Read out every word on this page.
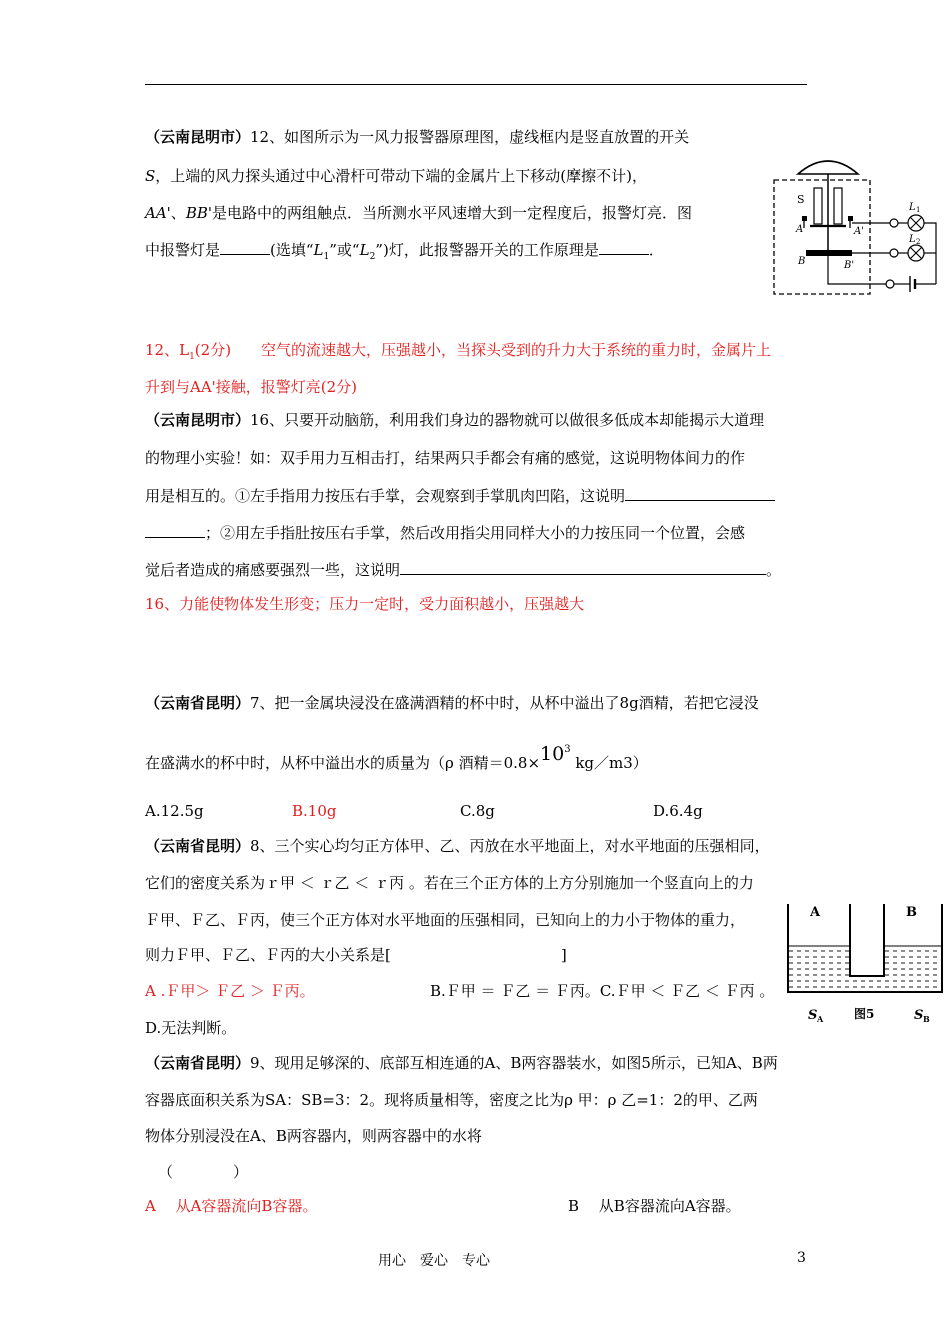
（云南昆明市）12、如图所示为一风力报警器原理图，虚线框内是竖直放置的开关
S，上端的风力探头通过中心滑杆可带动下端的金属片上下移动(摩擦不计)，
AA'、BB'是电路中的两组触点．当所测水平风速增大到一定程度后，报警灯亮．图
中报警灯是	(选填“$L_1$”或“$L_2$”)灯，此报警器开关的工作原理是	．
S
A	A'
B	B'
L 1
L 2
12、$L_1(2$分)　　空气的流速越大，压强越小，当探头受到的升力大于系统的重力时，金属片上
升到与AA'接触，报警灯亮(2分)
（云南昆明市）16、只要开动脑筋，利用我们身边的器物就可以做很多低成本却能揭示大道理
的物理小实验！如：双手用力互相击打，结果两只手都会有痛的感觉，这说明物体间力的作
用是相互的。①左手指用力按压右手掌，会观察到手掌肌肉凹陷，这说明
；②用左手指肚按压右手掌，然后改用指尖用同样大小的力按压同一个位置，会感
觉后者造成的痛感要强烈一些，这说明	。
16、力能使物体发生形变；压力一定时，受力面积越小，压强越大
（云南省昆明）7、把一金属块浸没在盛满酒精的杯中时，从杯中溢出了8g酒精，若把它浸没
在盛满水的杯中时，从杯中溢出水的质量为（ρ 酒精$=0.8\times 10^3$ kg／m3）
A.12.5g	B.10g	C.8g	D.6.4g
（云南省昆明）8、三个实心均匀正方体甲、乙、丙放在水平地面上，对水平地面的压强相同，
它们的密度关系为ｒ甲 ＜ ｒ乙 ＜ ｒ丙 。若在三个正方体的上方分别施加一个竖直向上的力
Ｆ甲、Ｆ乙、Ｆ丙，使三个正方体对水平地面的压强相同，已知向上的力小于物体的重力，
则力Ｆ甲、Ｆ乙、Ｆ丙的大小关系是[	]
A .Ｆ甲＞ Ｆ乙 ＞ Ｆ丙。	B.Ｆ甲 ＝ Ｆ乙 ＝ Ｆ丙。C.Ｆ甲 ＜ Ｆ乙 ＜ Ｆ丙 。
D.无法判断。
A	B
S A	图5	S B
（云南省昆明）9、现用足够深的、底部互相连通的A、B两容器装水，如图5所示，已知A、B两
容器底面积关系为SA：SB=3：2。现将质量相等，密度之比为ρ 甲：ρ 乙=1：2的甲、乙两
物体分别浸没在A、B两容器内，则两容器中的水将
（　　　　）
A　 从A容器流向B容器。	B　 从B容器流向A容器。
用心　爱心　专心	3
